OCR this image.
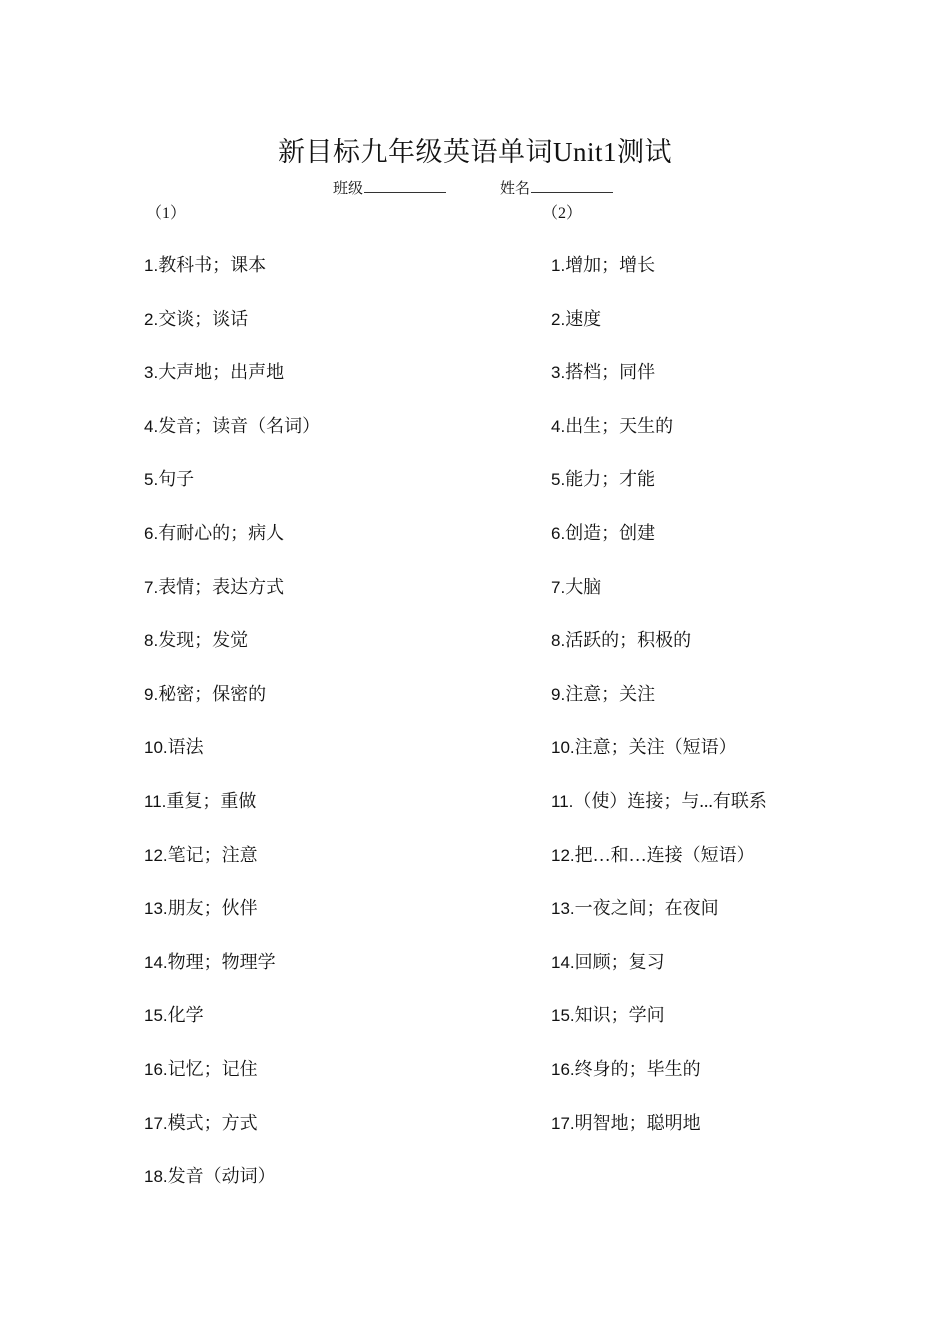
新目标九年级英语单词Unit1测试
班级	姓名
（1）	（2）
1.教科书；课本
2.交谈；谈话
3.大声地；出声地
4.发音；读音（名词）
5.句子
6.有耐心的；病人
7.表情；表达方式
8.发现；发觉
9.秘密；保密的
10.语法
11.重复；重做
12.笔记；注意
13.朋友；伙伴
14.物理；物理学
15.化学
16.记忆；记住
17.模式；方式
18.发音（动词）
1.增加；增长
2.速度
3.搭档；同伴
4.出生；天生的
5.能力；才能
6.创造；创建
7.大脑
8.活跃的；积极的
9.注意；关注
10.注意；关注（短语）
11.（使）连接；与...有联系
12.把…和…连接（短语）
13.一夜之间；在夜间
14.回顾；复习
15.知识；学问
16.终身的；毕生的
17.明智地；聪明地
